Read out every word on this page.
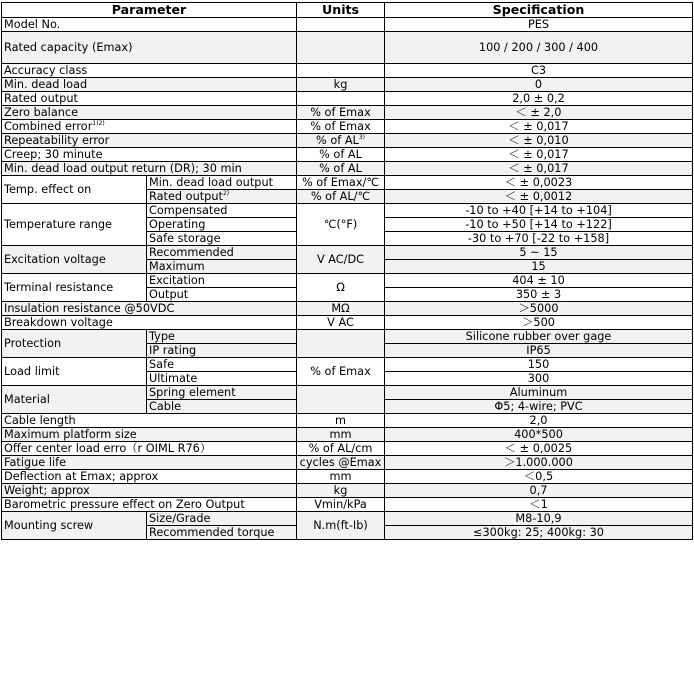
Parameter		Units	Specification
Model No.			PES
Rated capacity (Emax)			100 / 200 / 300 / 400
Accuracy class			C3
Min. dead load		kg	0
Rated output			2,0 ± 0,2
Zero balance		% of Emax	＜ ± 2,0
Combined error$^{1)2)}$		% of Emax	＜ ± 0,017
Repeatability error		% of $AL^{3)}$	＜ ± 0,010
Creep; 30 minute		% of AL	＜ ± 0,017
Min. dead load output return (DR); 30 min		% of AL	＜ ± 0,017
Temp. effect on	Min. dead load output	% of Emax/℃	＜ ± 0,0023
	Rated output$^{2)}$	% of AL/℃	＜ ± 0,0012
Temperature range	Compensated	℃(°F)	-10 to +40 [+14 to +104]
	Operating		-10 to +50 [+14 to +122]
	Safe storage		-30 to +70 [-22 to +158]
Excitation voltage	Recommended	V AC/DC	5 ~ 15
	Maximum		15
Terminal resistance	Excitation	Ω	404 ± 10
	Output		350 ± 3
Insulation resistance @50VDC		MΩ	＞5000
Breakdown voltage		V AC	＞500
Protection	Type		Silicone rubber over gage
	IP rating		IP65
Load limit	Safe	% of Emax	150
	Ultimate		300
Material	Spring element		Aluminum
	Cable		Φ5; 4-wire; PVC
Cable length		m	2,0
Maximum platform size		mm	400*500
Offer center load erro（r OIML R76）		% of AL/cm	＜ ± 0,0025
Fatigue life		cycles @Emax	＞1.000.000
Deflection at Emax; approx		mm	＜0,5
Weight; approx		kg	0,7
Barometric pressure effect on Zero Output		Vmin/kPa	＜1
Mounting screw	Size/Grade	N.m(ft-Ib)	M8-10,9
	Recommended torque		≤300kg: 25; 400kg: 30
